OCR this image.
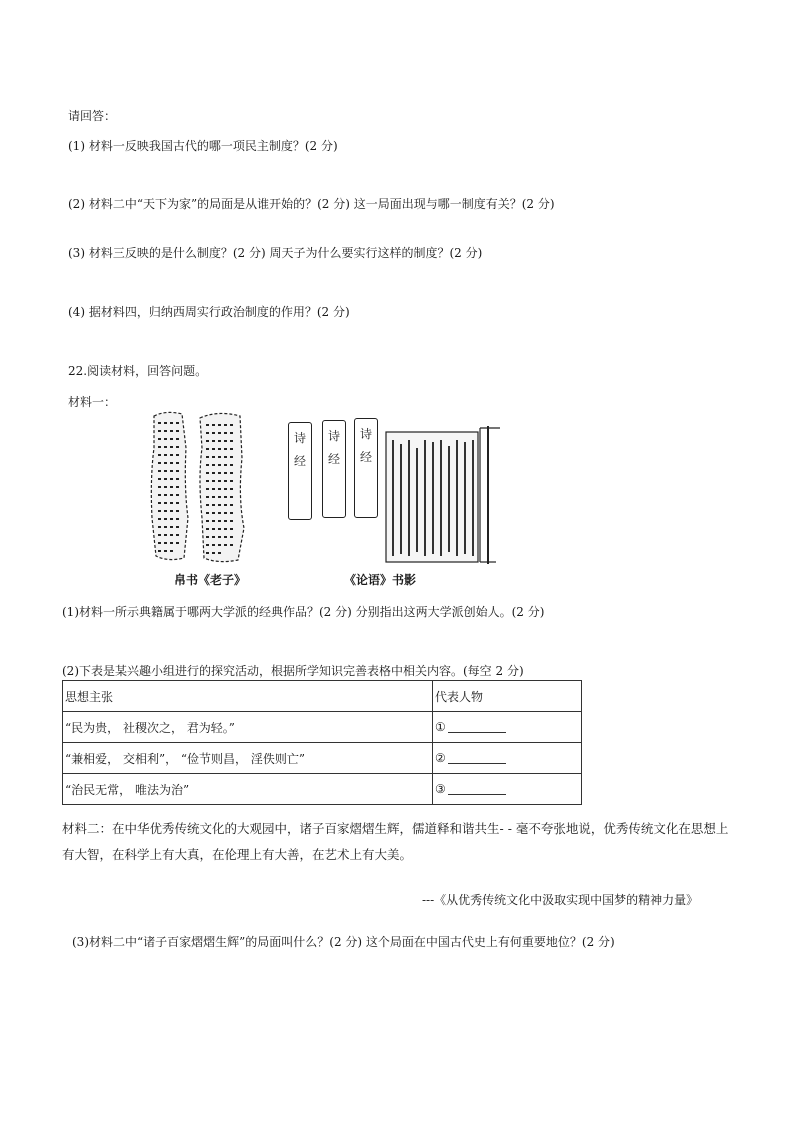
请回答：
(1) 材料一反映我国古代的哪一项民主制度？(2 分)
(2) 材料二中“天下为家”的局面是从谁开始的？(2 分) 这一局面出现与哪一制度有关？(2 分)
(3) 材料三反映的是什么制度？(2 分) 周天子为什么要实行这样的制度？(2 分)
(4) 据材料四，归纳西周实行政治制度的作用？(2 分)
22.阅读材料，回答问题。
材料一：
诗
经
诗
经
诗
经
帛书《老子》	《论语》书影
(1)材料一所示典籍属于哪两大学派的经典作品？(2 分) 分别指出这两大学派创始人。(2 分)
(2)下表是某兴趣小组进行的探究活动，根据所学知识完善表格中相关内容。(每空 2 分)
思想主张	代表人物
“民为贵， 社稷次之， 君为轻。”	①
“兼相爱， 交相利”， “俭节则昌， 淫佚则亡”	②
“治民无常， 唯法为治”	③
材料二：在中华优秀传统文化的大观园中，诸子百家熠熠生辉，儒道释和谐共生- - 毫不夸张地说，优秀传统文化在思想上有大智，在科学上有大真，在伦理上有大善，在艺术上有大美。
---《从优秀传统文化中汲取实现中国梦的精神力量》
(3)材料二中“诸子百家熠熠生辉”的局面叫什么？(2 分) 这个局面在中国古代史上有何重要地位？(2 分)
